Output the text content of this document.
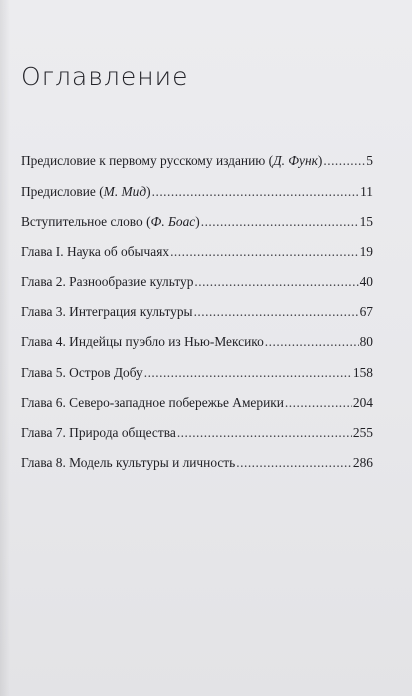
Оглавление
Предисловие к первому русскому изданию (Д. Функ) .....	5
Предисловие (М. Мид) .....	11
Вступительное слово (Ф. Боас) .....	15
Глава I. Наука об обычаях .....	19
Глава 2. Разнообразие культур .....	40
Глава 3. Интеграция культуры .....	67
Глава 4. Индейцы пуэбло из Нью-Мексико .....	80
Глава 5. Остров Добу .....	158
Глава 6. Северо-западное побережье Америки .....	204
Глава 7. Природа общества .....	255
Глава 8. Модель культуры и личность .....	286
